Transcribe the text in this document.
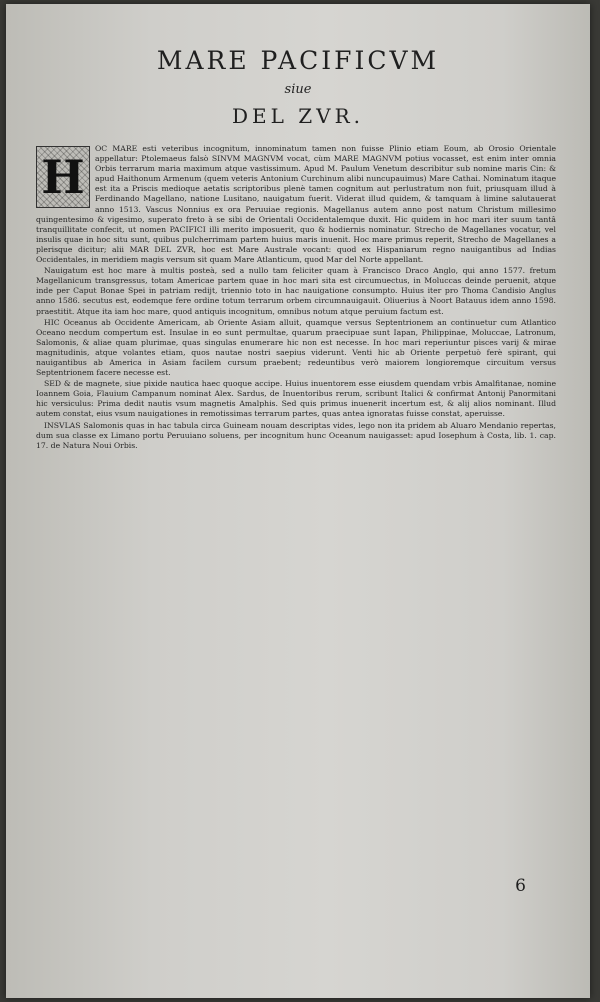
MARE PACIFICVM
siue
DEL ZVR.
H

OC MARE esti veteribus incognitum, innominatum tamen non fuisse Plinio etiam Eoum, ab Orosio Orientale appellatur: Ptolemaeus falsò SINVM MAGNVM vocat, cùm MARE MAGNVM potius vocasset, est enim inter omnia Orbis terrarum maria maximum atque vastissimum. Apud M. Paulum Venetum describitur sub nomine maris Cin: & apud Haithonum Armenum (quem veteris Antonium Curchinum alibi nuncupauimus) Mare Cathai. Nominatum itaque est ita a Priscis medioque aetatis scriptoribus plenè tamen cognitum aut perlustratum non fuit, priusquam illud à Ferdinando Magellano, natione Lusitano, nauigatum fuerit. Viderat illud quidem, & tamquam à limine salutauerat anno 1513. Vascus Nonnius ex ora Peruuiae regionis. Magellanus autem anno post natum Christum millesimo quingentesimo & vigesimo, superato freto à se sibi de Orientali Occidentalemque duxit. Hic quidem in hoc mari iter suum tantâ tranquillitate confecit, ut nomen PACIFICI illi merito imposuerit, quo & hodiernis nominatur. Strecho de Magellanes vocatur, vel insulis quae in hoc situ sunt, quibus pulcherrimam partem huius maris inuenit. Hoc mare primus reperit, Strecho de Magellanes a plerisque dicitur; alii MAR DEL ZVR, hoc est Mare Australe vocant: quod ex Hispaniarum regno nauigantibus ad Indias Occidentales, in meridiem magis versum sit quam Mare Atlanticum, quod Mar del Norte appellant.

Nauigatum est hoc mare à multis posteà, sed a nullo tam feliciter quam à Francisco Draco Anglo, qui anno 1577. fretum Magellanicum transgressus, totam Americae partem quae in hoc mari sita est circumuectus, in Moluccas deinde peruenit, atque inde per Caput Bonae Spei in patriam redijt, triennio toto in hac nauigatione consumpto. Huius iter pro Thoma Candisio Anglus anno 1586. secutus est, eodemque fere ordine totum terrarum orbem circumnauigauit. Oliuerius à Noort Batauus idem anno 1598. praestitit. Atque ita iam hoc mare, quod antiquis incognitum, omnibus notum atque peruium factum est.

HIC Oceanus ab Occidente Americam, ab Oriente Asiam alluit, quamque versus Septentrionem an continuetur cum Atlantico Oceano necdum compertum est. Insulae in eo sunt permultae, quarum praecipuae sunt Iapan, Philippinae, Moluccae, Latronum, Salomonis, & aliae quam plurimae, quas singulas enumerare hic non est necesse. In hoc mari reperiuntur pisces varij & mirae magnitudinis, atque volantes etiam, quos nautae nostri saepius viderunt. Venti hic ab Oriente perpetuò ferè spirant, qui nauigantibus ab America in Asiam facilem cursum praebent; redeuntibus verò maiorem longioremque circuitum versus Septentrionem facere necesse est.

SED & de magnete, siue pixide nautica haec quoque accipe. Huius inuentorem esse eiusdem quendam vrbis Amalfitanae, nomine Ioannem Goia, Flauium Campanum nominat Alex. Sardus, de Inuentoribus rerum, scribunt Italici & confirmat Antonij Panormitani hic versiculus: Prima dedit nautis vsum magnetis Amalphis. Sed quis primus inuenerit incertum est, & alij alios nominant. Illud autem constat, eius vsum nauigationes in remotissimas terrarum partes, quas antea ignoratas fuisse constat, aperuisse.

INSVLAS Salomonis quas in hac tabula circa Guineam nouam descriptas vides, lego non ita pridem ab Aluaro Mendanio repertas, dum sua classe ex Limano portu Peruuiano soluens, per incognitum hunc Oceanum nauigasset: apud Iosephum à Costa, lib. 1. cap. 17. de Natura Noui Orbis.

6
